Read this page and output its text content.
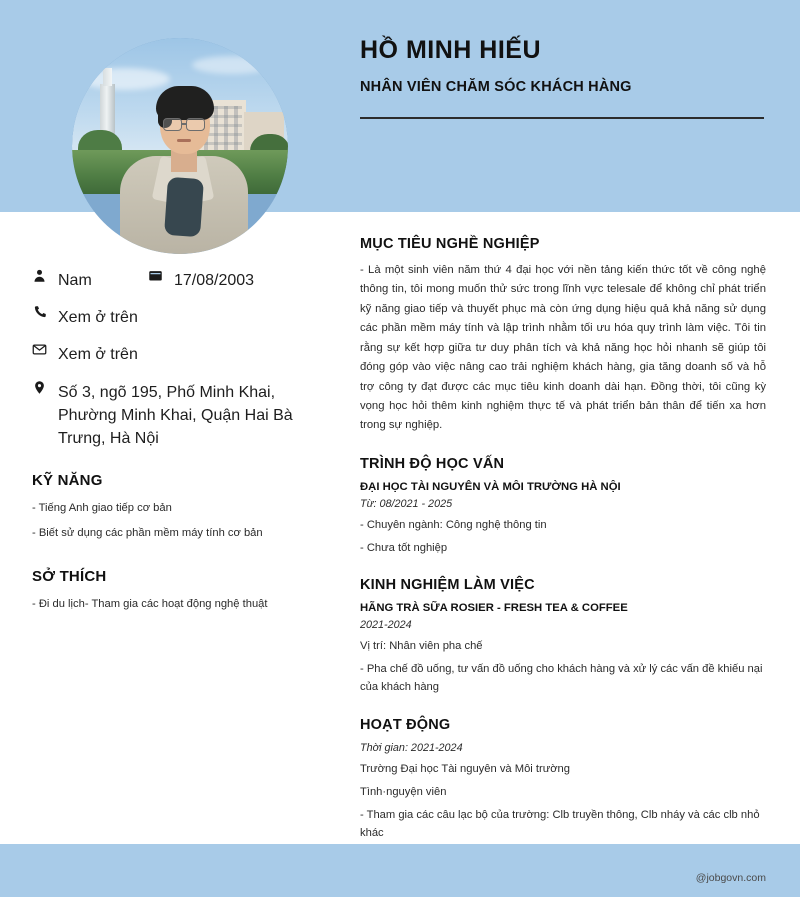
HỒ MINH HIẾU
NHÂN VIÊN CHĂM SÓC KHÁCH HÀNG
Nam	17/08/2003
Xem ở trên
Xem ở trên
Số 3, ngõ 195, Phố Minh Khai, Phường Minh Khai, Quận Hai Bà Trưng, Hà Nội
KỸ NĂNG
- Tiếng Anh giao tiếp cơ bản
- Biết sử dụng các phần mềm máy tính cơ bản
SỞ THÍCH
- Đi du lịch- Tham gia các hoạt động nghệ thuật
MỤC TIÊU NGHỀ NGHIỆP
- Là một sinh viên năm thứ 4 đại học với nền tảng kiến thức tốt về công nghệ thông tin, tôi mong muốn thử sức trong lĩnh vực telesale để không chỉ phát triển kỹ năng giao tiếp và thuyết phục mà còn ứng dụng hiệu quả khả năng sử dụng các phần mềm máy tính và lập trình nhằm tối ưu hóa quy trình làm việc. Tôi tin rằng sự kết hợp giữa tư duy phân tích và khả năng học hỏi nhanh sẽ giúp tôi đóng góp vào việc nâng cao trải nghiệm khách hàng, gia tăng doanh số và hỗ trợ công ty đạt được các mục tiêu kinh doanh dài hạn. Đồng thời, tôi cũng kỳ vọng học hỏi thêm kinh nghiệm thực tế và phát triển bản thân để tiến xa hơn trong sự nghiệp.
TRÌNH ĐỘ HỌC VẤN
ĐẠI HỌC TÀI NGUYÊN VÀ MÔI TRƯỜNG HÀ NỘI
Từ: 08/2021 - 2025
- Chuyên ngành: Công nghệ thông tin
- Chưa tốt nghiệp
KINH NGHIỆM LÀM VIỆC
HÃNG TRÀ SỮA ROSIER - FRESH TEA & COFFEE
2021-2024
Vị trí: Nhân viên pha chế
- Pha chế đồ uống, tư vấn đồ uống cho khách hàng và xử lý các vấn đề khiếu nại của khách hàng
HOẠT ĐỘNG
Thời gian: 2021-2024
Trường Đại học Tài nguyên và Môi trường
Tình·nguyện viên
- Tham gia các câu lạc bộ của trường: Clb truyền thông, Clb nháy và các clb nhỏ khác
@jobgovn.com
